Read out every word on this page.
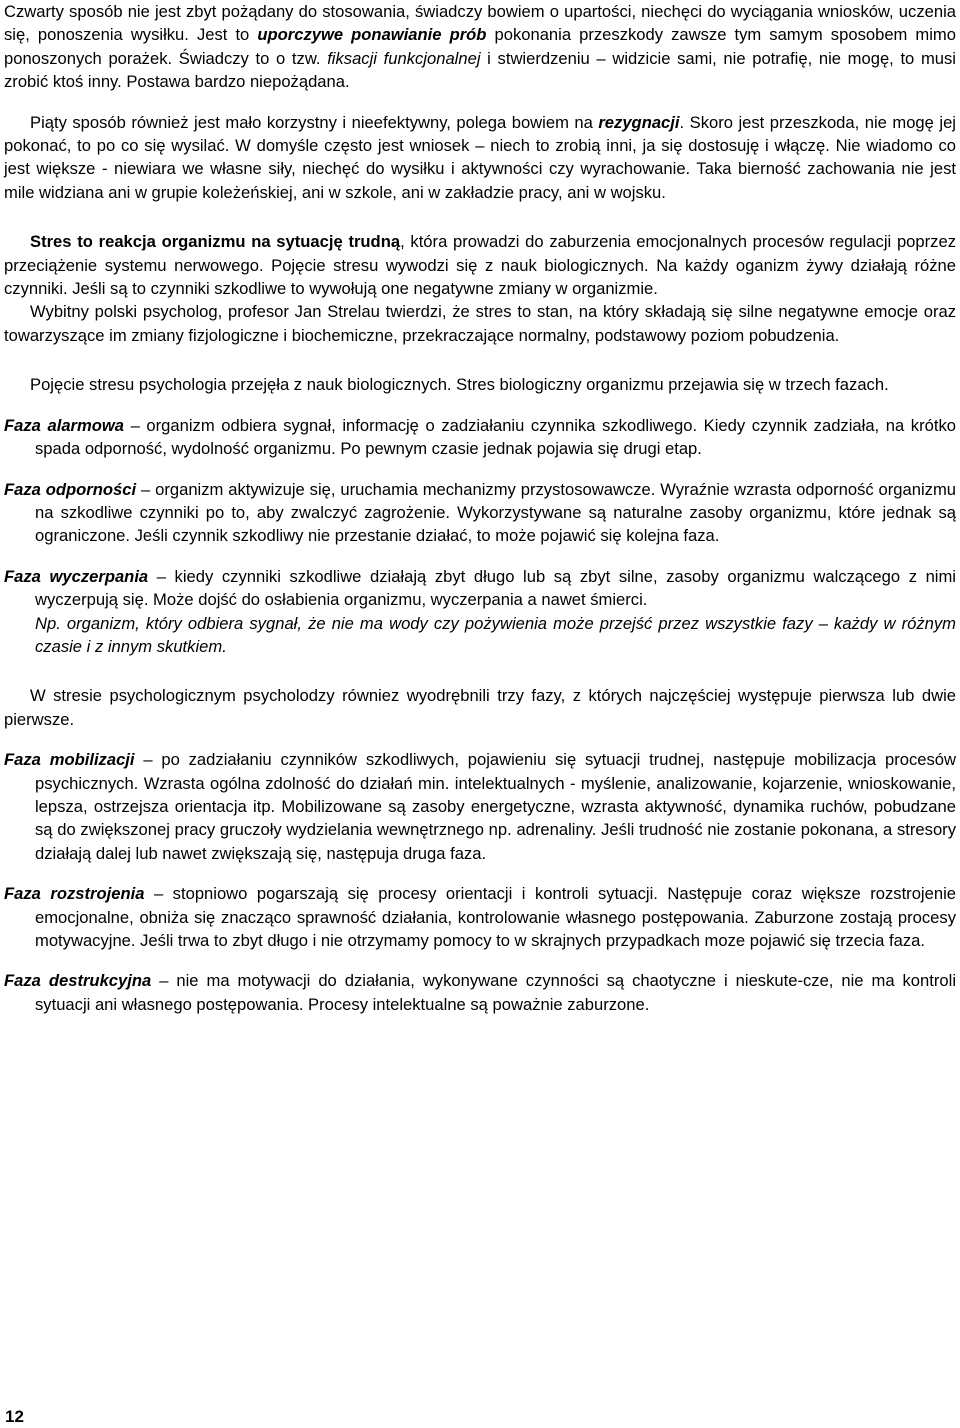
Czwarty sposób nie jest zbyt pożądany do stosowania, świadczy bowiem o upartości, niechęci do wyciągania wniosków, uczenia się, ponoszenia wysiłku. Jest to uporczywe ponawianie prób pokonania przeszkody zawsze tym samym sposobem mimo ponoszonych porażek. Świadczy to o tzw. fiksacji funkcjonalnej i stwierdzeniu – widzicie sami, nie potrafię, nie mogę, to musi zrobić ktoś inny. Postawa bardzo niepożądana.

Piąty sposób również jest mało korzystny i nieefektywny, polega bowiem na rezygnacji. Skoro jest przeszkoda, nie mogę jej pokonać, to po co się wysilać. W domyśle często jest wniosek – niech to zrobią inni, ja się dostosuję i włączę. Nie wiadomo co jest większe - niewiara we własne siły, niechęć do wysiłku i aktywności czy wyrachowanie. Taka bierność zachowania nie jest mile widziana ani w grupie koleżeńskiej, ani w szkole, ani w zakładzie pracy, ani w wojsku.

Stres to reakcja organizmu na sytuację trudną, która prowadzi do zaburzenia emocjonalnych procesów regulacji poprzez przeciążenie systemu nerwowego. Pojęcie stresu wywodzi się z nauk biologicznych. Na każdy oganizm żywy działają różne czynniki. Jeśli są to czynniki szkodliwe to wywołują one negatywne zmiany w organizmie.

Wybitny polski psycholog, profesor Jan Strelau twierdzi, że stres to stan, na który składają się silne negatywne emocje oraz towarzyszące im zmiany fizjologiczne i biochemiczne, przekraczające normalny, podstawowy poziom pobudzenia.

Pojęcie stresu psychologia przejęła z nauk biologicznych. Stres biologiczny organizmu przejawia się w trzech fazach.

Faza alarmowa – organizm odbiera sygnał, informację o zadziałaniu czynnika szkodliwego. Kiedy czynnik zadziała, na krótko spada odporność, wydolność organizmu. Po pewnym czasie jednak pojawia się drugi etap.

Faza odporności – organizm aktywizuje się, uruchamia mechanizmy przystosowawcze. Wyraźnie wzrasta odporność organizmu na szkodliwe czynniki po to, aby zwalczyć zagrożenie. Wykorzystywane są naturalne zasoby organizmu, które jednak są ograniczone. Jeśli czynnik szkodliwy nie przestanie działać, to może pojawić się kolejna faza.

Faza wyczerpania – kiedy czynniki szkodliwe działają zbyt długo lub są zbyt silne, zasoby organizmu walczącego z nimi wyczerpują się. Może dojść do osłabienia organizmu, wyczerpania a nawet śmierci.

Np. organizm, który odbiera sygnał, że nie ma wody czy pożywienia może przejść przez wszystkie fazy – każdy w różnym czasie i z innym skutkiem.

W stresie psychologicznym psycholodzy równiez wyodrębnili trzy fazy, z których najczęściej występuje pierwsza lub dwie pierwsze.

Faza mobilizacji – po zadziałaniu czynników szkodliwych, pojawieniu się sytuacji trudnej, następuje mobilizacja procesów psychicznych. Wzrasta ogólna zdolność do działań min. intelektualnych - myślenie, analizowanie, kojarzenie, wnioskowanie, lepsza, ostrzejsza orientacja itp. Mobilizowane są zasoby energetyczne, wzrasta aktywność, dynamika ruchów, pobudzane są do zwiększonej pracy gruczoły wydzielania wewnętrznego np. adrenaliny. Jeśli trudność nie zostanie pokonana, a stresory działają dalej lub nawet zwiększają się, następuja druga faza.

Faza rozstrojenia – stopniowo pogarszają się procesy orientacji i kontroli sytuacji. Następuje coraz większe rozstrojenie emocjonalne, obniża się znacząco sprawność działania, kontrolowanie własnego postępowania. Zaburzone zostają procesy motywacyjne. Jeśli trwa to zbyt długo i nie otrzymamy pomocy to w skrajnych przypadkach moze pojawić się trzecia faza.

Faza destrukcyjna – nie ma motywacji do działania, wykonywane czynności są chaotyczne i nieskute-cze, nie ma kontroli sytuacji ani własnego postępowania. Procesy intelektualne są poważnie zaburzone.

12
